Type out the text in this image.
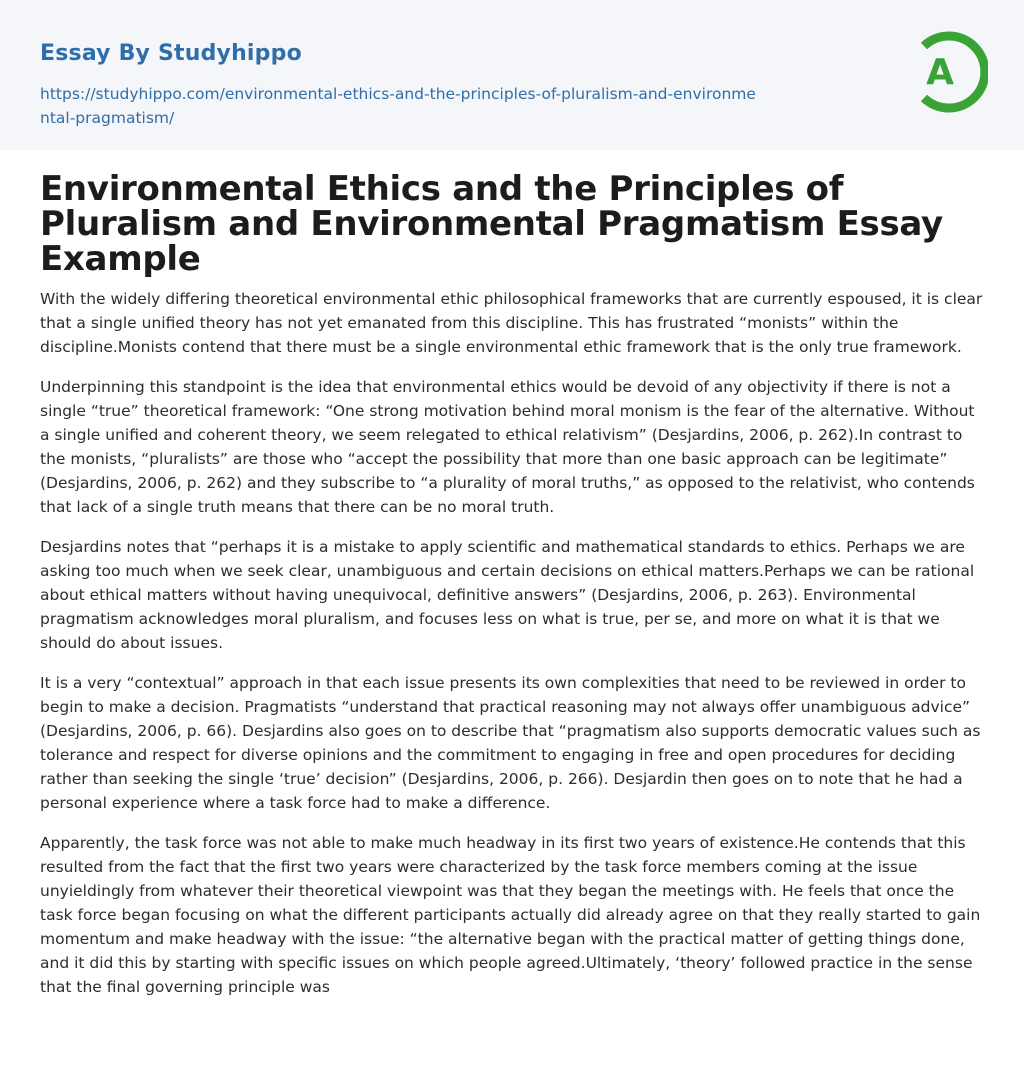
Essay By Studyhippo
https://studyhippo.com/environmental-ethics-and-the-principles-of-pluralism-and-environmental-pragmatism/
A
Environmental Ethics and the Principles of Pluralism and Environmental Pragmatism Essay Example

With the widely differing theoretical environmental ethic philosophical frameworks that are currently espoused, it is clear that a single unified theory has not yet emanated from this discipline. This has frustrated “monists” within the discipline.Monists contend that there must be a single environmental ethic framework that is the only true framework.

Underpinning this standpoint is the idea that environmental ethics would be devoid of any objectivity if there is not a single “true” theoretical framework: “One strong motivation behind moral monism is the fear of the alternative. Without a single unified and coherent theory, we seem relegated to ethical relativism” (Desjardins, 2006, p. 262).In contrast to the monists, “pluralists” are those who “accept the possibility that more than one basic approach can be legitimate” (Desjardins, 2006, p. 262) and they subscribe to “a plurality of moral truths,” as opposed to the relativist, who contends that lack of a single truth means that there can be no moral truth.

Desjardins notes that “perhaps it is a mistake to apply scientific and mathematical standards to ethics. Perhaps we are asking too much when we seek clear, unambiguous and certain decisions on ethical matters.Perhaps we can be rational about ethical matters without having unequivocal, definitive answers” (Desjardins, 2006, p. 263). Environmental pragmatism acknowledges moral pluralism, and focuses less on what is true, per se, and more on what it is that we should do about issues.

It is a very “contextual” approach in that each issue presents its own complexities that need to be reviewed in order to begin to make a decision. Pragmatists “understand that practical reasoning may not always offer unambiguous advice” (Desjardins, 2006, p. 66). Desjardins also goes on to describe that “pragmatism also supports democratic values such as tolerance and respect for diverse opinions and the commitment to engaging in free and open procedures for deciding rather than seeking the single ‘true’ decision” (Desjardins, 2006, p. 266). Desjardin then goes on to note that he had a personal experience where a task force had to make a difference.

Apparently, the task force was not able to make much headway in its first two years of existence.He contends that this resulted from the fact that the first two years were characterized by the task force members coming at the issue unyieldingly from whatever their theoretical viewpoint was that they began the meetings with. He feels that once the task force began focusing on what the different participants actually did already agree on that they really started to gain momentum and make headway with the issue: “the alternative began with the practical matter of getting things done, and it did this by starting with specific issues on which people agreed.Ultimately, ‘theory’ followed practice in the sense that the final governing principle was
